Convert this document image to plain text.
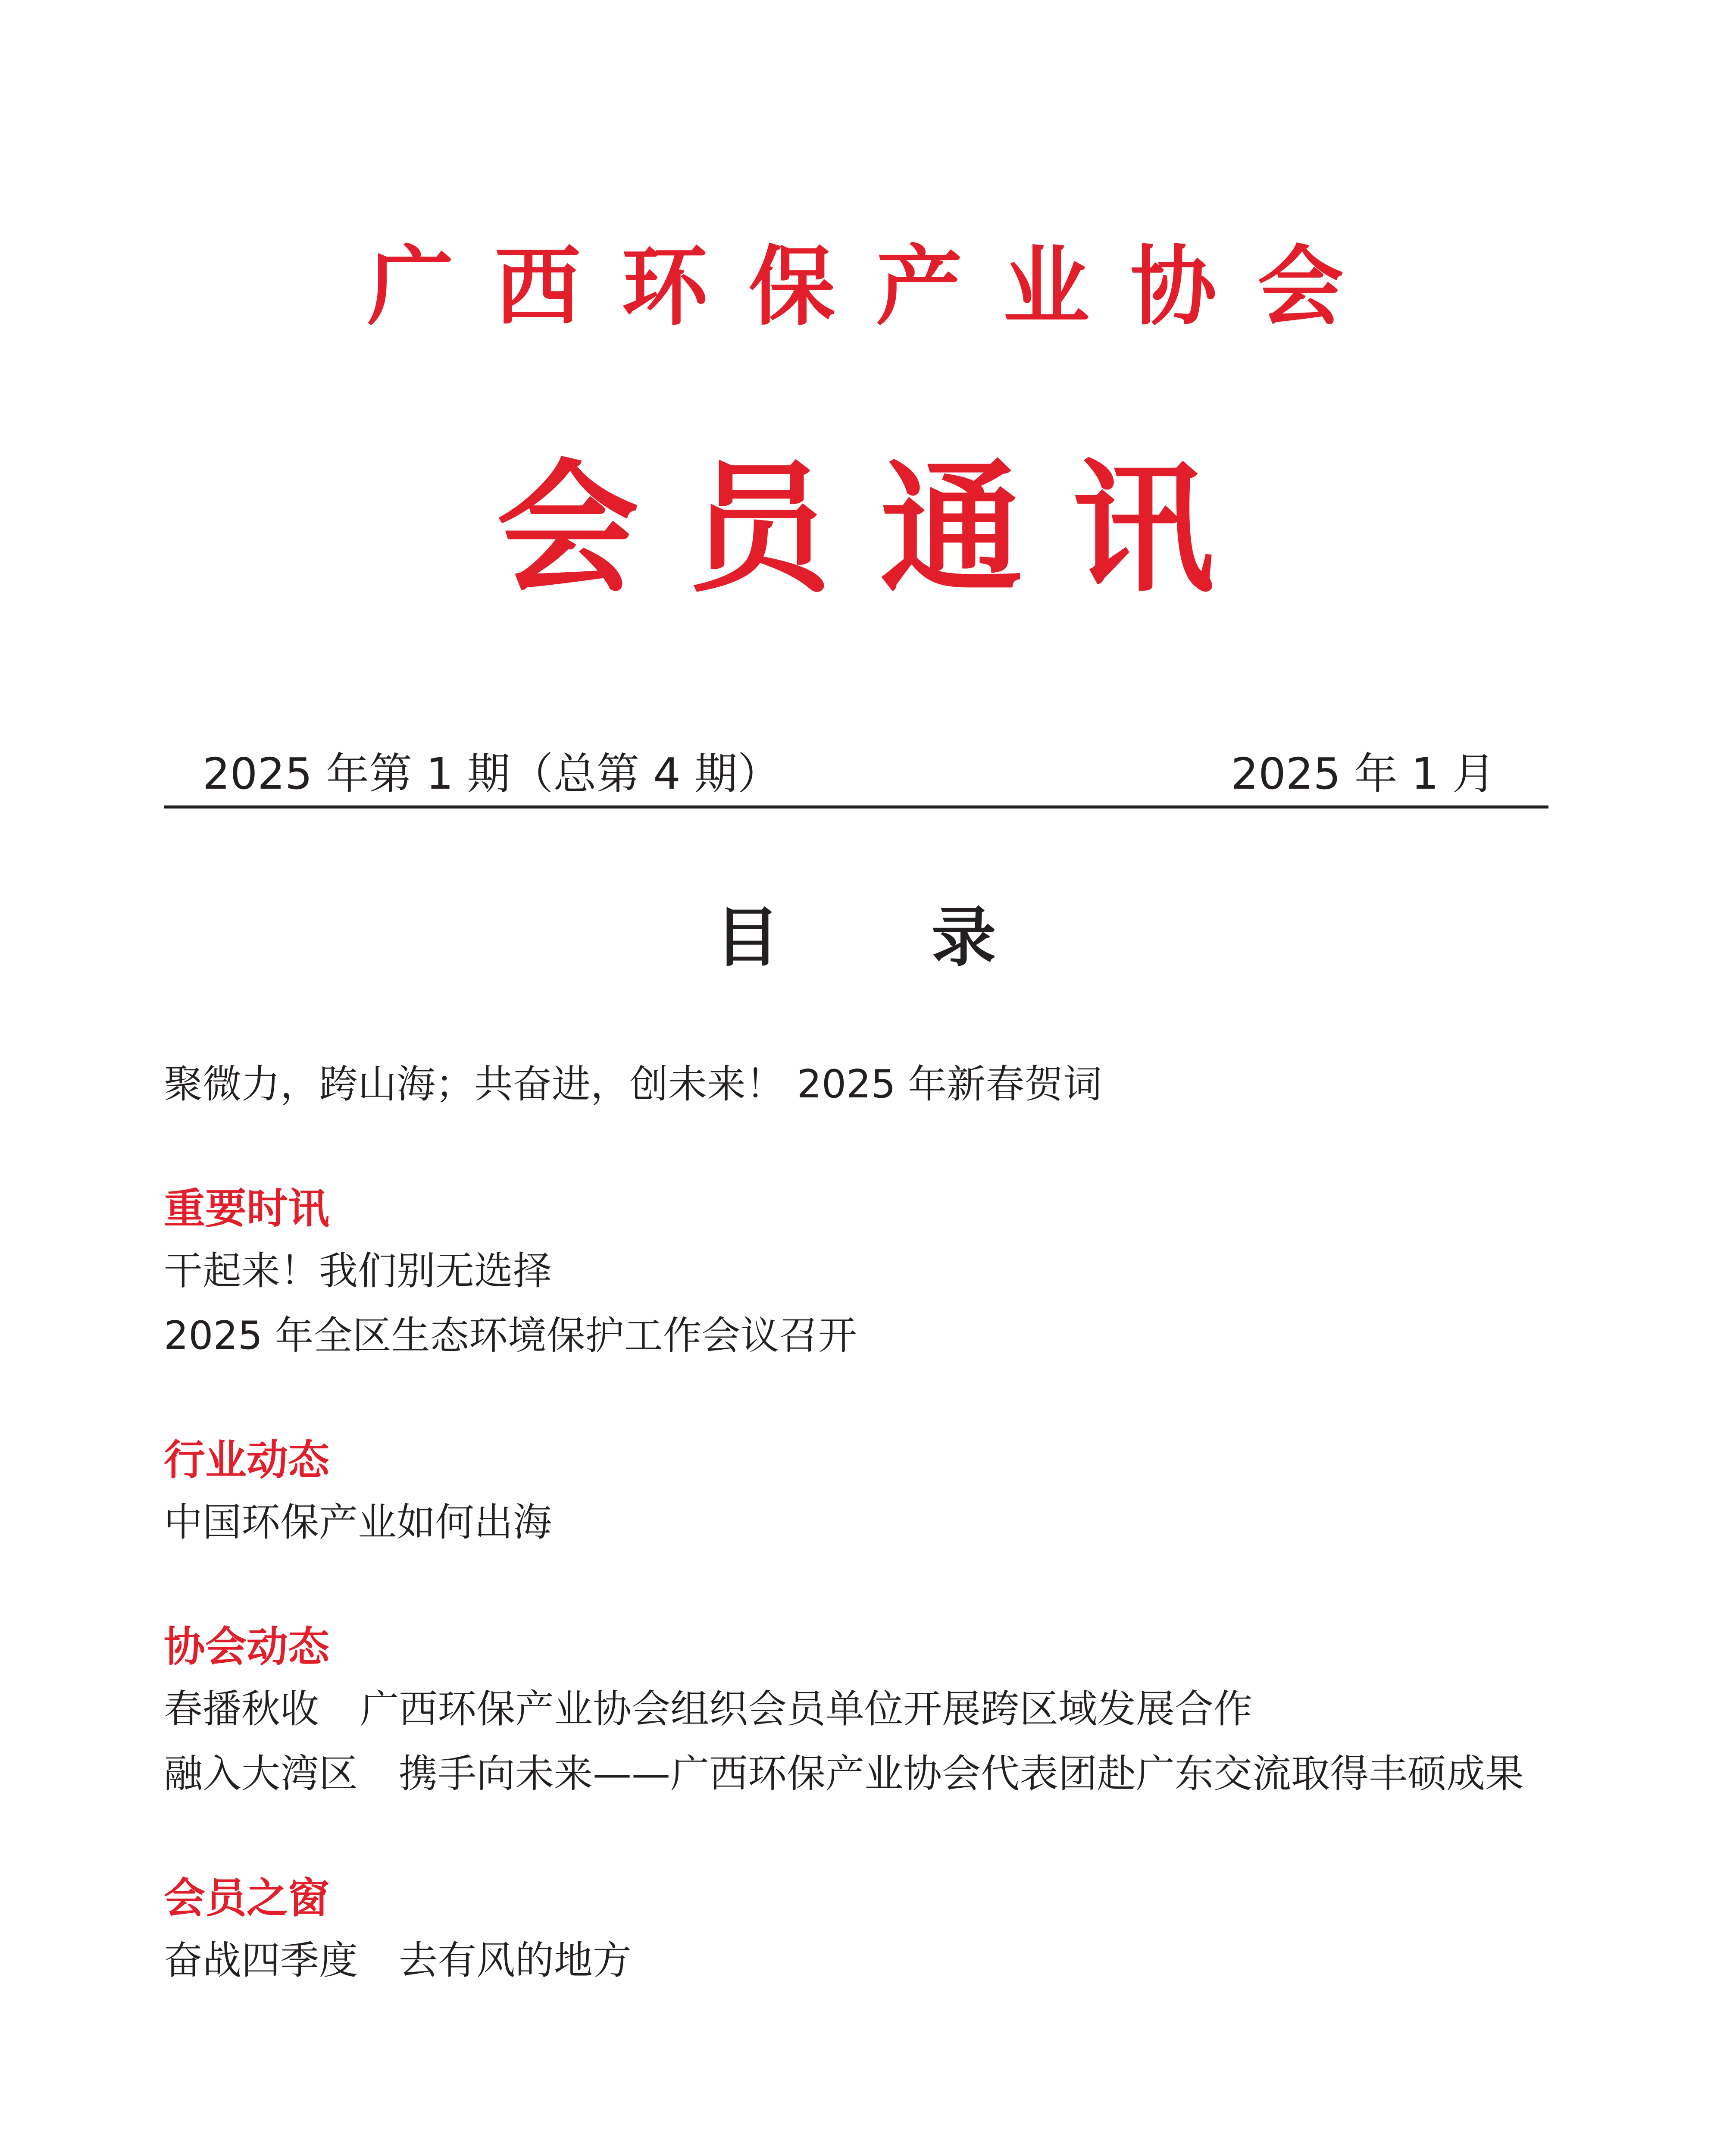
广西环保产业协会
会员通讯
2025 年第 1 期（总第 4 期）	2025 年 1 月
目 录

聚微力，跨山海；共奋进，创未来！ 2025 年新春贺词

重要时讯

干起来！我们别无选择

2025 年全区生态环境保护工作会议召开

行业动态

中国环保产业如何出海

协会动态

春播秋收 广西环保产业协会组织会员单位开展跨区域发展合作

融入大湾区 携手向未来——广西环保产业协会代表团赴广东交流取得丰硕成果

会员之窗

奋战四季度 去有风的地方
